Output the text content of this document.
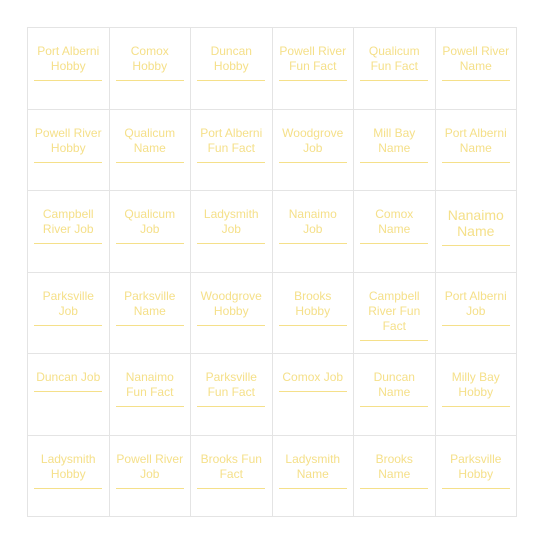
Port Alberni Hobby
Comox Hobby
Duncan Hobby
Powell River Fun Fact
Qualicum Fun Fact
Powell River Name
Powell River Hobby
Qualicum Name
Port Alberni Fun Fact
Woodgrove Job
Mill Bay Name
Port Alberni Name
Campbell River Job
Qualicum Job
Ladysmith Job
Nanaimo Job
Comox Name
Nanaimo Name
Parksville Job
Parksville Name
Woodgrove Hobby
Brooks Hobby
Campbell River Fun Fact
Port Alberni Job
Duncan Job	Nanaimo Fun Fact
Parksville Fun Fact
Comox Job	Duncan Name
Milly Bay Hobby
Ladysmith Hobby
Powell River Job
Brooks Fun Fact
Ladysmith Name
Brooks Name
Parksville Hobby
